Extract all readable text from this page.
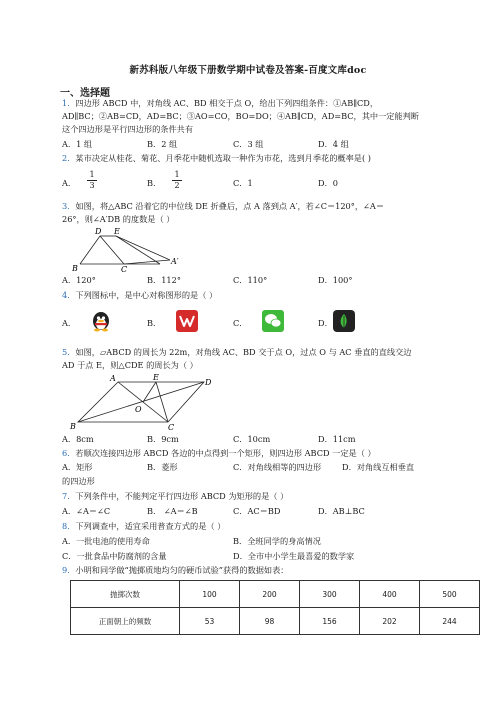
新苏科版八年级下册数学期中试卷及答案-百度文库doc
一、选择题
1．四边形 ABCD 中，对角线 AC、BD 相交于点 O，给出下列四组条件：①AB∥CD，
AD∥BC；②AB=CD，AD=BC；③AO=CO，BO=DO；④AB∥CD，AD=BC，其中一定能判断
这个四边形是平行四边形的条件共有
A．1 组	B．2 组	C．3 组	D．4 组
2．某市决定从桂花、菊花、月季花中随机选取一种作为市花，选到月季花的概率是( )
A． $\frac{1}{3}$	B． $\frac{1}{2}$	C．1	D．0
3．如图，将△ABC 沿着它的中位线 DE 折叠后，点 A 落到点 A′，若∠C＝120°，∠A＝
26°，则∠A′DB 的度数是（ ）
D E
B	C
A′
A．120°	B．112°	C．110°	D．100°
4．下列图标中，是中心对称图形的是（ ）
A．	B．	C．	D．
5．如图，▱ABCD 的周长为 22m，对角线 AC、BD 交于点 O，过点 O 与 AC 垂直的直线交边
AD 于点 E，则△CDE 的周长为（ ）
A	E
D
O
B	C
A．8cm	B．9cm	C．10cm	D．11cm
6．若顺次连接四边形 ABCD 各边的中点得到一个矩形，则四边形 ABCD 一定是（ ）
A．矩形	B．菱形	C．对角线相等的四边形	D．对角线互相垂直
的四边形
7．下列条件中，不能判定平行四边形 ABCD 为矩形的是（ ）
A．∠A＝∠C	B． ∠A＝∠B	C．AC＝BD	D．AB⊥BC
8．下列调查中，适宜采用普查方式的是（ ）
A．一批电池的使用寿命	B．全班同学的身高情况
C．一批食品中防腐剂的含量	D．全市中小学生最喜爱的数学家
9．小明和同学做“抛掷质地均匀的硬币试验”获得的数据如表：
抛掷次数	100	200	300	400	500
正面朝上的频数	53	98	156	202	244
